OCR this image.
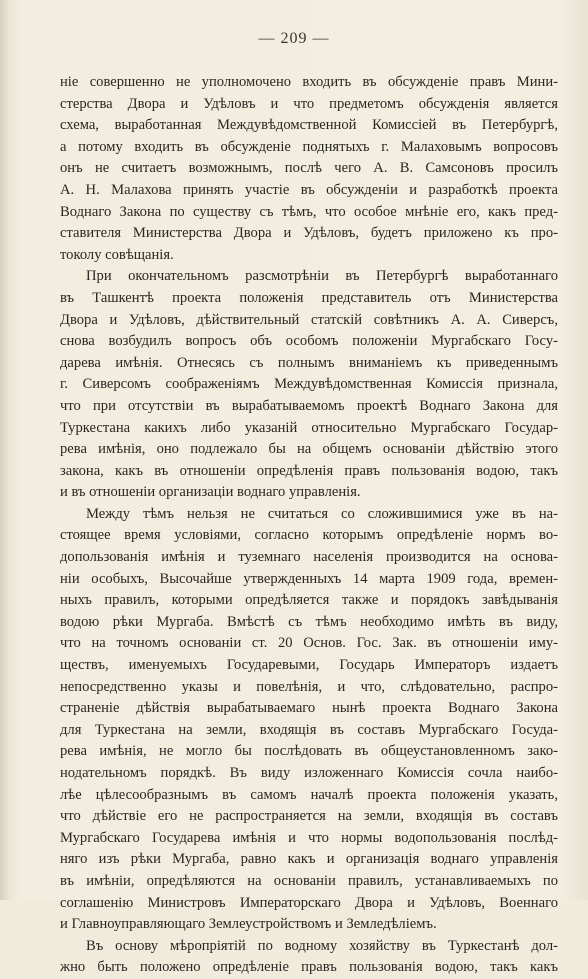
— 209 —
ніе совершенно не уполномочено входить въ обсужденіе правъ Мини-
стерства Двора и Удѣловъ и что предметомъ обсужденія является
схема, выработанная Междувѣдомственной Комиссіей въ Петербургѣ,
а потому входить въ обсужденіе поднятыхъ г. Малаховымъ вопросовъ
онъ не считаетъ возможнымъ, послѣ чего А. В. Самсоновъ просилъ
А. Н. Малахова принять участіе въ обсужденіи и разработкѣ проекта
Воднаго Закона по существу съ тѣмъ, что особое мнѣніе его, какъ пред-
ставителя Министерства Двора и Удѣловъ, будетъ приложено къ про-
токолу совѣщанія.
При окончательномъ разсмотрѣніи въ Петербургѣ выработаннаго
въ Ташкентѣ проекта положенія представитель отъ Министерства
Двора и Удѣловъ, дѣйствительный статскій совѣтникъ А. А. Сиверсъ,
снова возбудилъ вопросъ объ особомъ положеніи Мургабскаго Госу-
дарева имѣнія. Отнесясь съ полнымъ вниманіемъ къ приведеннымъ
г. Сиверсомъ соображеніямъ Междувѣдомственная Комиссія признала,
что при отсутствіи въ вырабатываемомъ проектѣ Воднаго Закона для
Туркестана какихъ либо указаній относительно Мургабскаго Государ-
рева имѣнія, оно подлежало бы на общемъ основаніи дѣйствію этого
закона, какъ въ отношеніи опредѣленія правъ пользованія водою, такъ
и въ отношеніи организаціи воднаго управленія.
Между тѣмъ нельзя не считаться со сложившимися уже въ на-
стоящее время условіями, согласно которымъ опредѣленіе нормъ во-
допользованія имѣнія и туземнаго населенія производится на основа-
ніи особыхъ, Высочайше утвержденныхъ 14 марта 1909 года, времен-
ныхъ правилъ, которыми опредѣляется также и порядокъ завѣдыванія
водою рѣки Мургаба. Вмѣстѣ съ тѣмъ необходимо имѣть въ виду,
что на точномъ основаніи ст. 20 Основ. Гос. Зак. въ отношеніи иму-
ществъ, именуемыхъ Государевыми, Государь Императоръ издаетъ
непосредственно указы и повелѣнія, и что, слѣдовательно, распро-
страненіе дѣйствія вырабатываемаго нынѣ проекта Воднаго Закона
для Туркестана на земли, входящія въ составъ Мургабскаго Госуда-
рева имѣнія, не могло бы послѣдовать въ общеустановленномъ зако-
нодательномъ порядкѣ. Въ виду изложеннаго Комиссія сочла наибо-
лѣе цѣлесообразнымъ въ самомъ началѣ проекта положенія указать,
что дѣйствіе его не распространяется на земли, входящія въ составъ
Мургабскаго Государева имѣнія и что нормы водопользованія послѣд-
няго изъ рѣки Мургаба, равно какъ и организація воднаго управленія
въ имѣніи, опредѣляются на основаніи правилъ, устанавливаемыхъ по
соглашенію Министровъ Императорскаго Двора и Удѣловъ, Военнаго
и Главноуправляющаго Землеустройствомъ и Земледѣліемъ.
Въ основу мѣропріятій по водному хозяйству въ Туркестанѣ дол-
жно быть положено опредѣленіе правъ пользованія водою, такъ какъ
